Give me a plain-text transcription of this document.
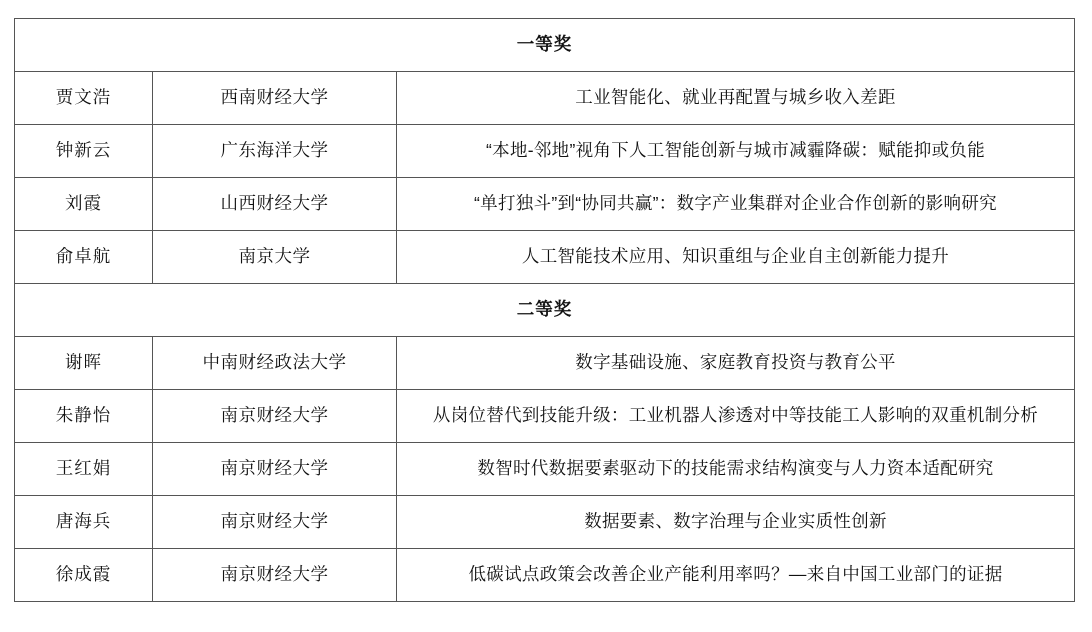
一等奖		
贾文浩	西南财经大学	工业智能化、就业再配置与城乡收入差距
钟新云	广东海洋大学	“本地-邻地”视角下人工智能创新与城市减霾降碳：赋能抑或负能
刘霞	山西财经大学	“单打独斗”到“协同共赢”：数字产业集群对企业合作创新的影响研究
俞卓航	南京大学	人工智能技术应用、知识重组与企业自主创新能力提升
二等奖		
谢晖	中南财经政法大学	数字基础设施、家庭教育投资与教育公平
朱静怡	南京财经大学	从岗位替代到技能升级：工业机器人渗透对中等技能工人影响的双重机制分析
王红娟	南京财经大学	数智时代数据要素驱动下的技能需求结构演变与人力资本适配研究
唐海兵	南京财经大学	数据要素、数字治理与企业实质性创新
徐成霞	南京财经大学	低碳试点政策会改善企业产能利用率吗？—来自中国工业部门的证据
